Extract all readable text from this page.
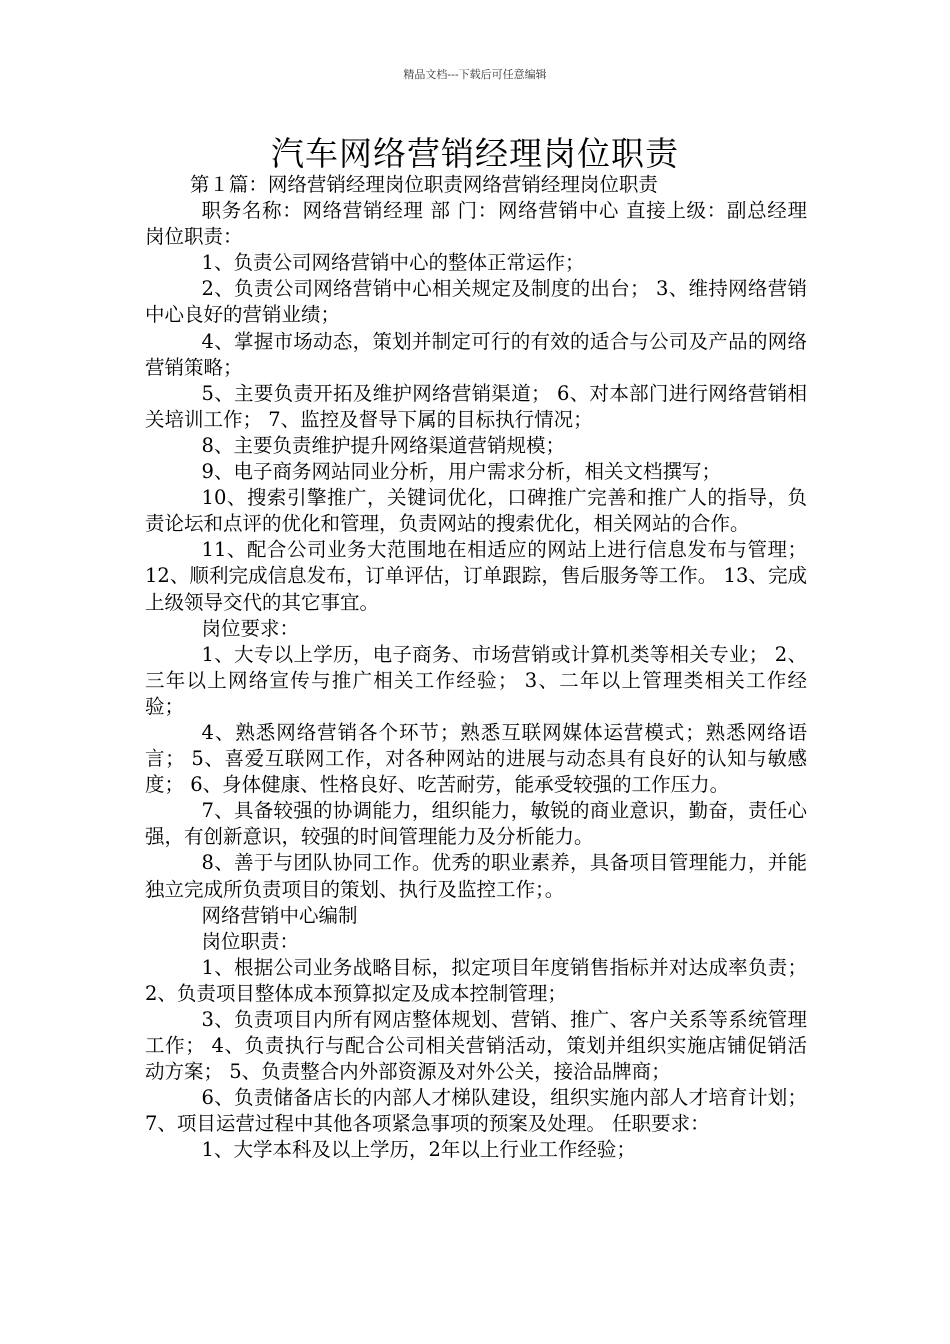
精品文档---下载后可任意编辑
汽车网络营销经理岗位职责

第１篇：网络营销经理岗位职责网络营销经理岗位职责

职务名称：网络营销经理 部 门：网络营销中心 直接上级：副总经理 岗位职责：

1、负责公司网络营销中心的整体正常运作；

2、负责公司网络营销中心相关规定及制度的出台； 3、维持网络营销中心良好的营销业绩；

4、掌握市场动态，策划并制定可行的有效的适合与公司及产品的网络营销策略；

5、主要负责开拓及维护网络营销渠道； 6、对本部门进行网络营销相关培训工作； 7、监控及督导下属的目标执行情况；

8、主要负责维护提升网络渠道营销规模；

9、电子商务网站同业分析，用户需求分析，相关文档撰写；

10、搜索引擎推广，关键词优化，口碑推广完善和推广人的指导，负责论坛和点评的优化和管理，负责网站的搜索优化，相关网站的合作。

11、配合公司业务大范围地在相适应的网站上进行信息发布与管理； 12、顺利完成信息发布，订单评估，订单跟踪，售后服务等工作。 13、完成上级领导交代的其它事宜。

岗位要求：

1、大专以上学历，电子商务、市场营销或计算机类等相关专业； 2、三年以上网络宣传与推广相关工作经验； 3、二年以上管理类相关工作经验；

4、熟悉网络营销各个环节；熟悉互联网媒体运营模式；熟悉网络语言； 5、喜爱互联网工作，对各种网站的进展与动态具有良好的认知与敏感度； 6、身体健康、性格良好、吃苦耐劳，能承受较强的工作压力。

7、具备较强的协调能力，组织能力，敏锐的商业意识，勤奋，责任心强，有创新意识，较强的时间管理能力及分析能力。

8、善于与团队协同工作。优秀的职业素养，具备项目管理能力，并能独立完成所负责项目的策划、执行及监控工作；。

网络营销中心编制

岗位职责：

1、根据公司业务战略目标，拟定项目年度销售指标并对达成率负责； 2、负责项目整体成本预算拟定及成本控制管理；

3、负责项目内所有网店整体规划、营销、推广、客户关系等系统管理工作； 4、负责执行与配合公司相关营销活动，策划并组织实施店铺促销活动方案； 5、负责整合内外部资源及对外公关，接洽品牌商；

6、负责储备店长的内部人才梯队建设，组织实施内部人才培育计划； 7、项目运营过程中其他各项紧急事项的预案及处理。 任职要求：

1、大学本科及以上学历，2年以上行业工作经验；
